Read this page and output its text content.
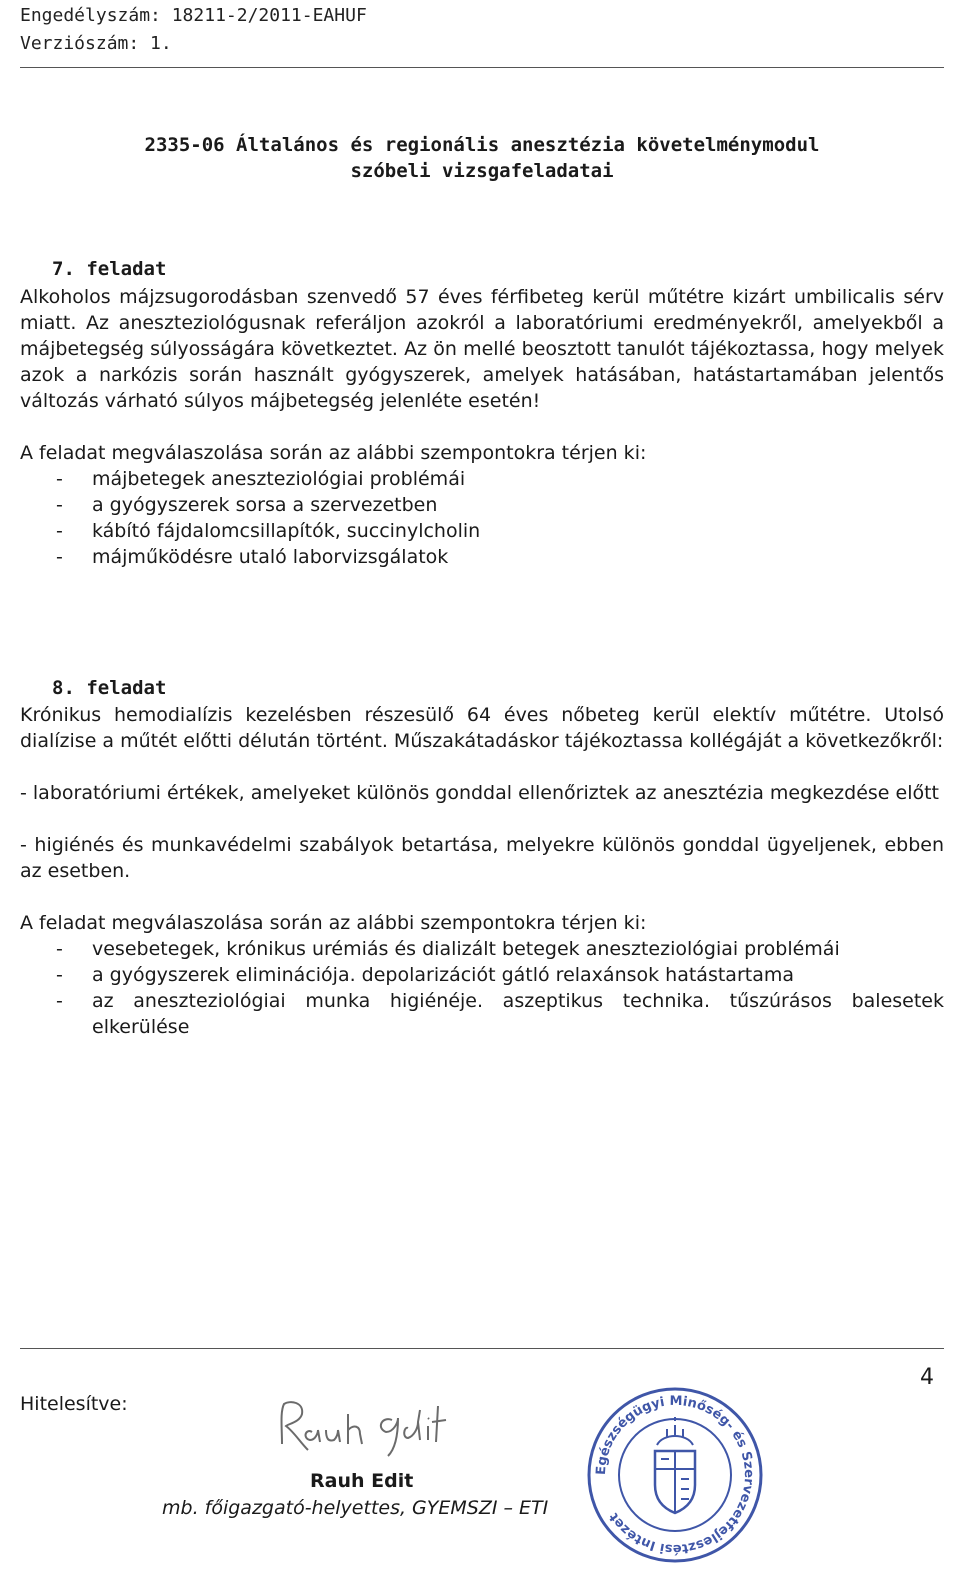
Engedélyszám: 18211-2/2011-EAHUF
Verziószám: 1.
2335-06 Általános és regionális anesztézia követelménymodul
szóbeli vizsgafeladatai
7. feladat

Alkoholos májzsugorodásban szenvedő 57 éves férfibeteg kerül műtétre kizárt umbilicalis sérv miatt. Az aneszteziológusnak referáljon azokról a laboratóriumi eredményekről, amelyekből a májbetegség súlyosságára következtet. Az ön mellé beosztott tanulót tájékoztassa, hogy melyek azok a narkózis során használt gyógyszerek, amelyek hatásában, hatástartamában jelentős változás várható súlyos májbetegség jelenléte esetén!

A feladat megválaszolása során az alábbi szempontokra térjen ki:
- májbetegek aneszteziológiai problémái
- a gyógyszerek sorsa a szervezetben
- kábító fájdalomcsillapítók, succinylcholin
- májműködésre utaló laborvizsgálatok
8. feladat

Krónikus hemodialízis kezelésben részesülő 64 éves nőbeteg kerül elektív műtétre. Utolsó dialízise a műtét előtti délután történt. Műszakátadáskor tájékoztassa kollégáját a következőkről:

- laboratóriumi értékek, amelyeket különös gonddal ellenőriztek az anesztézia megkezdése előtt

- higiénés és munkavédelmi szabályok betartása, melyekre különös gonddal ügyeljenek, ebben az esetben.

A feladat megválaszolása során az alábbi szempontokra térjen ki:
- vesebetegek, krónikus urémiás és dializált betegek aneszteziológiai problémái
- a gyógyszerek eliminációja. depolarizációt gátló relaxánsok hatástartama
- az aneszteziológiai munka higiénéje. aszeptikus technika. tűszúrásos balesetek elkerülése
4
Hitelesítve:
Rauh Edit
mb. főigazgató-helyettes, GYEMSZI – ETI
Egészségügyi Minőség- és Szervezetfejlesztési Intézet
